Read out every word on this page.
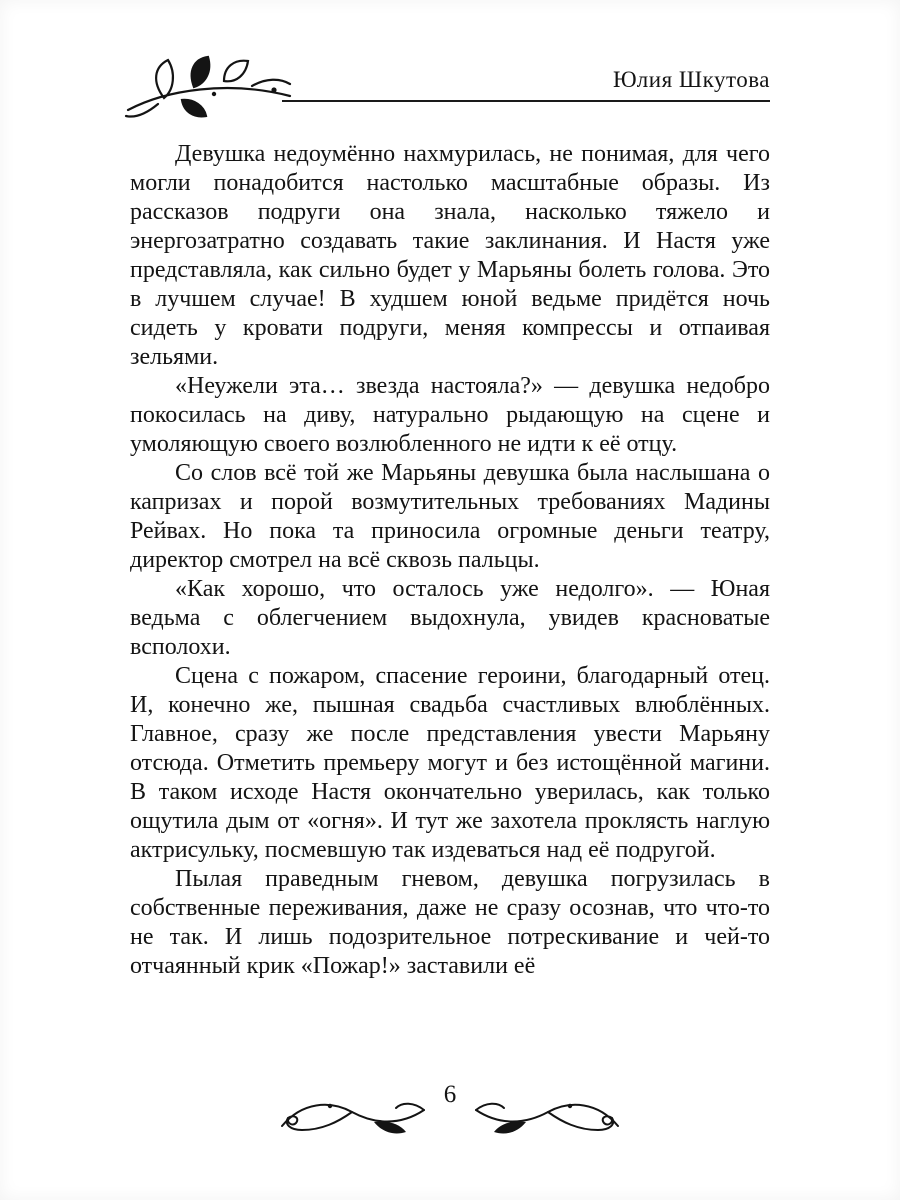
Юлия Шкутова

Девушка недоумённо нахмурилась, не понимая, для чего могли понадобится настолько масштабные образы. Из рассказов подруги она знала, насколько тяжело и энергозатратно создавать такие заклинания. И Настя уже представляла, как сильно будет у Марьяны болеть голова. Это в лучшем случае! В худшем юной ведьме придётся ночь сидеть у кровати подруги, меняя компрессы и отпаивая зельями.

«Неужели эта… звезда настояла?» — девушка недобро покосилась на диву, натурально рыдающую на сцене и умоляющую своего возлюбленного не идти к её отцу.

Со слов всё той же Марьяны девушка была наслышана о капризах и порой возмутительных требованиях Мадины Рейвах. Но пока та приносила огромные деньги театру, директор смотрел на всё сквозь пальцы.

«Как хорошо, что осталось уже недолго». — Юная ведьма с облегчением выдохнула, увидев красноватые всполохи.

Сцена с пожаром, спасение героини, благодарный отец. И, конечно же, пышная свадьба счастливых влюблённых. Главное, сразу же после представления увести Марьяну отсюда. Отметить премьеру могут и без истощённой магини. В таком исходе Настя окончательно уверилась, как только ощутила дым от «огня». И тут же захотела проклясть наглую актрисульку, посмевшую так издеваться над её подругой.

Пылая праведным гневом, девушка погрузилась в собственные переживания, даже не сразу осознав, что что-то не так. И лишь подозрительное потрескивание и чей-то отчаянный крик «Пожар!» заставили её

6
